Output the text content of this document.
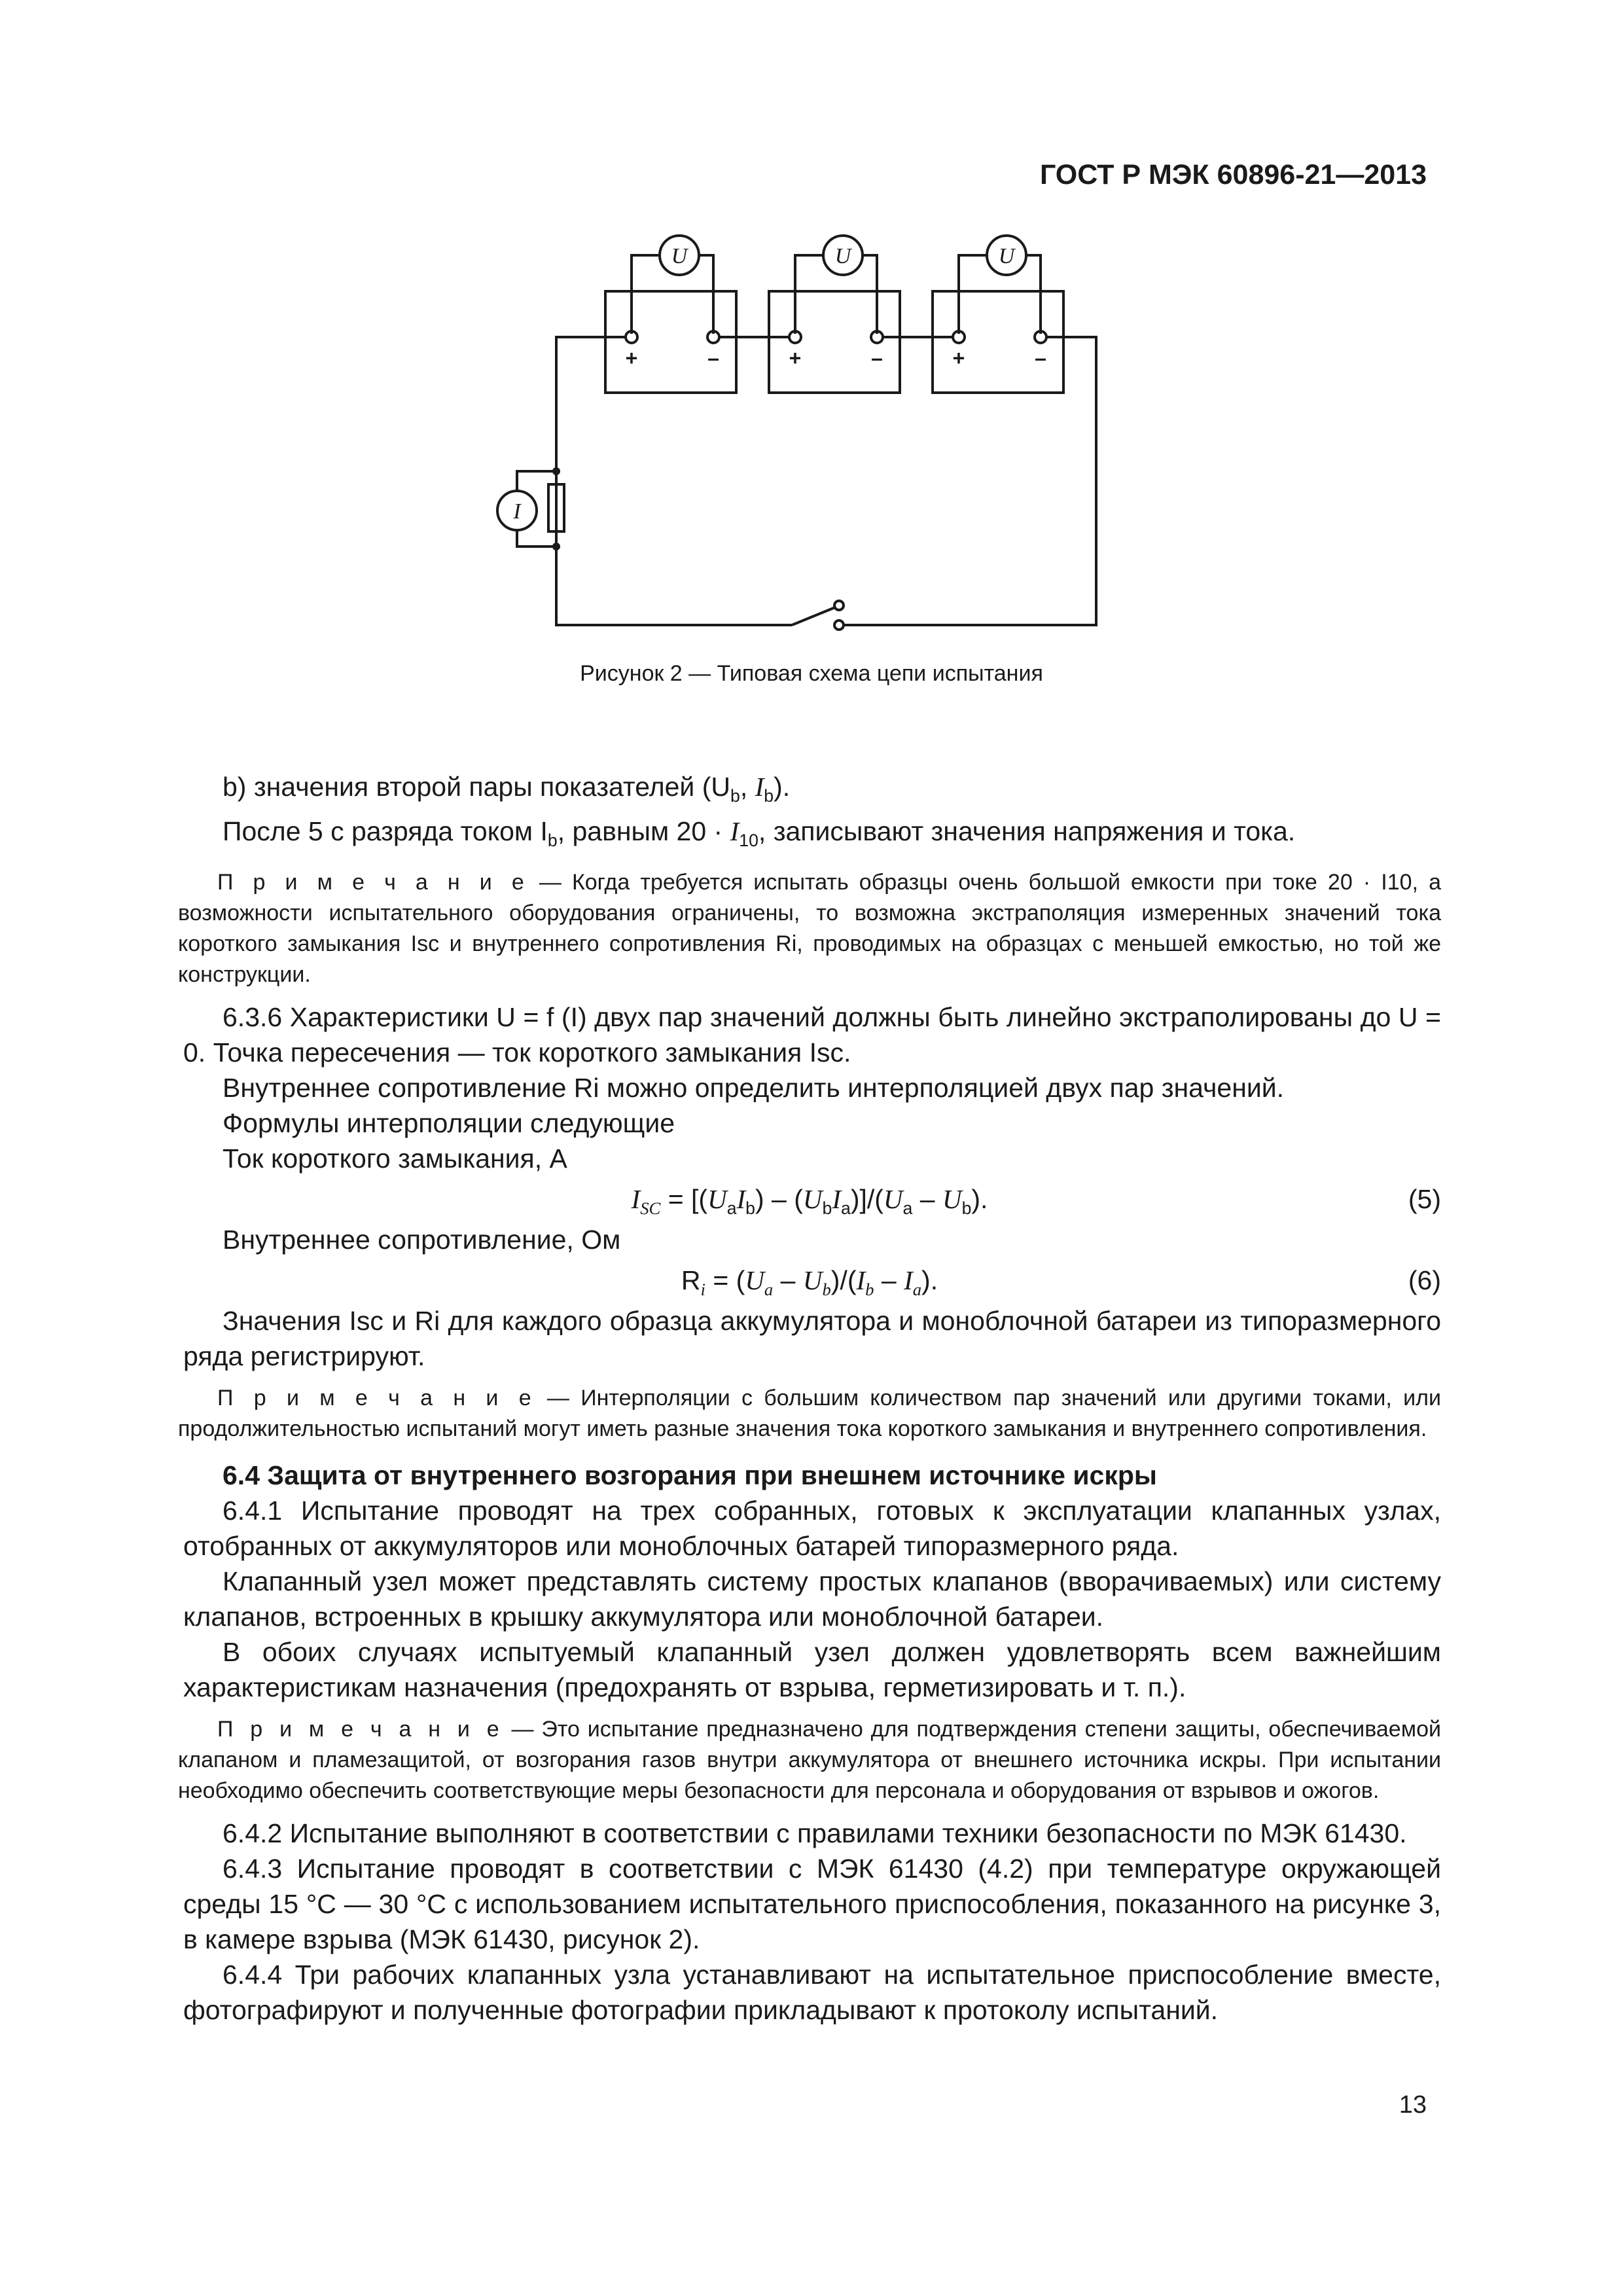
ГОСТ Р МЭК 60896-21—2013
U	U	U
I
+	–	+	–	+	–
Рисунок 2 — Типовая схема цепи испытания

b) значения второй пары показателей ($U_b$, $I_b$).

После 5 с разряда током $I_b$, равным $20 \cdot I_{10}$, записывают значения напряжения и тока.

П р и м е ч а н и е — Когда требуется испытать образцы очень большой емкости при токе 20 · I10, а возможности испытательного оборудования ограничены, то возможна экстраполяция измеренных значений тока короткого замыкания Isc и внутреннего сопротивления Ri, проводимых на образцах с меньшей емкостью, но той же конструкции.

6.3.6 Характеристики U = f (I) двух пар значений должны быть линейно экстраполированы до U = 0. Точка пересечения — ток короткого замыкания Isc.

Внутреннее сопротивление Ri можно определить интерполяцией двух пар значений.

Формулы интерполяции следующие

Ток короткого замыкания, А

$I_{SC} = [(U_aI_b) - (U_bI_a)]/(U_a - U_b)$.	(5)

Внутреннее сопротивление, Ом

$R_i = (U_a - U_b)/(I_b - I_a)$.	(6)

Значения Isc и Ri для каждого образца аккумулятора и моноблочной батареи из типоразмерного ряда регистрируют.

П р и м е ч а н и е — Интерполяции с большим количеством пар значений или другими токами, или продолжительностью испытаний могут иметь разные значения тока короткого замыкания и внутреннего сопротивления.

6.4 Защита от внутреннего возгорания при внешнем источнике искры

6.4.1 Испытание проводят на трех собранных, готовых к эксплуатации клапанных узлах, отобранных от аккумуляторов или моноблочных батарей типоразмерного ряда.

Клапанный узел может представлять систему простых клапанов (вворачиваемых) или систему клапанов, встроенных в крышку аккумулятора или моноблочной батареи.

В обоих случаях испытуемый клапанный узел должен удовлетворять всем важнейшим характеристикам назначения (предохранять от взрыва, герметизировать и т. п.).

П р и м е ч а н и е — Это испытание предназначено для подтверждения степени защиты, обеспечиваемой клапаном и пламезащитой, от возгорания газов внутри аккумулятора от внешнего источника искры. При испытании необходимо обеспечить соответствующие меры безопасности для персонала и оборудования от взрывов и ожогов.

6.4.2 Испытание выполняют в соответствии с правилами техники безопасности по МЭК 61430.

6.4.3 Испытание проводят в соответствии с МЭК 61430 (4.2) при температуре окружающей среды 15 °С — 30 °С с использованием испытательного приспособления, показанного на рисунке 3, в камере взрыва (МЭК 61430, рисунок 2).

6.4.4 Три рабочих клапанных узла устанавливают на испытательное приспособление вместе, фотографируют и полученные фотографии прикладывают к протоколу испытаний.

13
